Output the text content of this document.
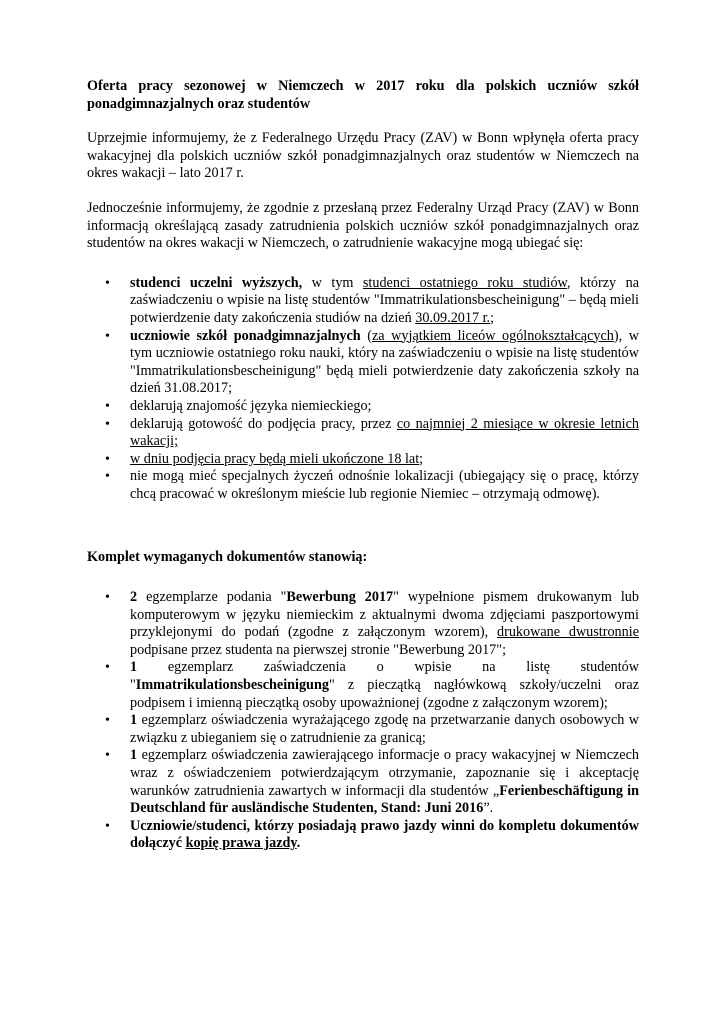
Oferta pracy sezonowej w Niemczech w 2017 roku dla polskich uczniów szkół ponadgimnazjalnych oraz studentów

Uprzejmie informujemy, że z Federalnego Urzędu Pracy (ZAV) w Bonn wpłynęła oferta pracy wakacyjnej dla polskich uczniów szkół ponadgimnazjalnych oraz studentów w Niemczech na okres wakacji – lato 2017 r.

Jednocześnie informujemy, że zgodnie z przesłaną przez Federalny Urząd Pracy (ZAV) w Bonn informacją określającą zasady zatrudnienia polskich uczniów szkół ponadgimnazjalnych oraz studentów na okres wakacji w Niemczech, o zatrudnienie wakacyjne mogą ubiegać się:

• studenci uczelni wyższych, w tym studenci ostatniego roku studiów, którzy na zaświadczeniu o wpisie na listę studentów "Immatrikulationsbescheinigung" – będą mieli potwierdzenie daty zakończenia studiów na dzień 30.09.2017 r.;
• uczniowie szkół ponadgimnazjalnych (za wyjątkiem liceów ogólnokształcących), w tym uczniowie ostatniego roku nauki, który na zaświadczeniu o wpisie na listę studentów "Immatrikulationsbescheinigung" będą mieli potwierdzenie daty zakończenia szkoły na dzień 31.08.2017;
• deklarują znajomość języka niemieckiego;
• deklarują gotowość do podjęcia pracy, przez co najmniej 2 miesiące w okresie letnich wakacji;
• w dniu podjęcia pracy będą mieli ukończone 18 lat;
• nie mogą mieć specjalnych życzeń odnośnie lokalizacji (ubiegający się o pracę, którzy chcą pracować w określonym mieście lub regionie Niemiec – otrzymają odmowę).

Komplet wymaganych dokumentów stanowią:

• 2 egzemplarze podania "Bewerbung 2017" wypełnione pismem drukowanym lub komputerowym w języku niemieckim z aktualnymi dwoma zdjęciami paszportowymi przyklejonymi do podań (zgodne z załączonym wzorem), drukowane dwustronnie podpisane przez studenta na pierwszej stronie "Bewerbung 2017";
• 1 egzemplarz zaświadczenia o wpisie na listę studentów "Immatrikulationsbescheinigung" z pieczątką nagłówkową szkoły/uczelni oraz podpisem i imienną pieczątką osoby upoważnionej (zgodne z załączonym wzorem);
• 1 egzemplarz oświadczenia wyrażającego zgodę na przetwarzanie danych osobowych w związku z ubieganiem się o zatrudnienie za granicą;
• 1 egzemplarz oświadczenia zawierającego informacje o pracy wakacyjnej w Niemczech wraz z oświadczeniem potwierdzającym otrzymanie, zapoznanie się i akceptację warunków zatrudnienia zawartych w informacji dla studentów „Ferienbeschäftigung in Deutschland für ausländische Studenten, Stand: Juni 2016”.
• Uczniowie/studenci, którzy posiadają prawo jazdy winni do kompletu dokumentów dołączyć kopię prawa jazdy.
